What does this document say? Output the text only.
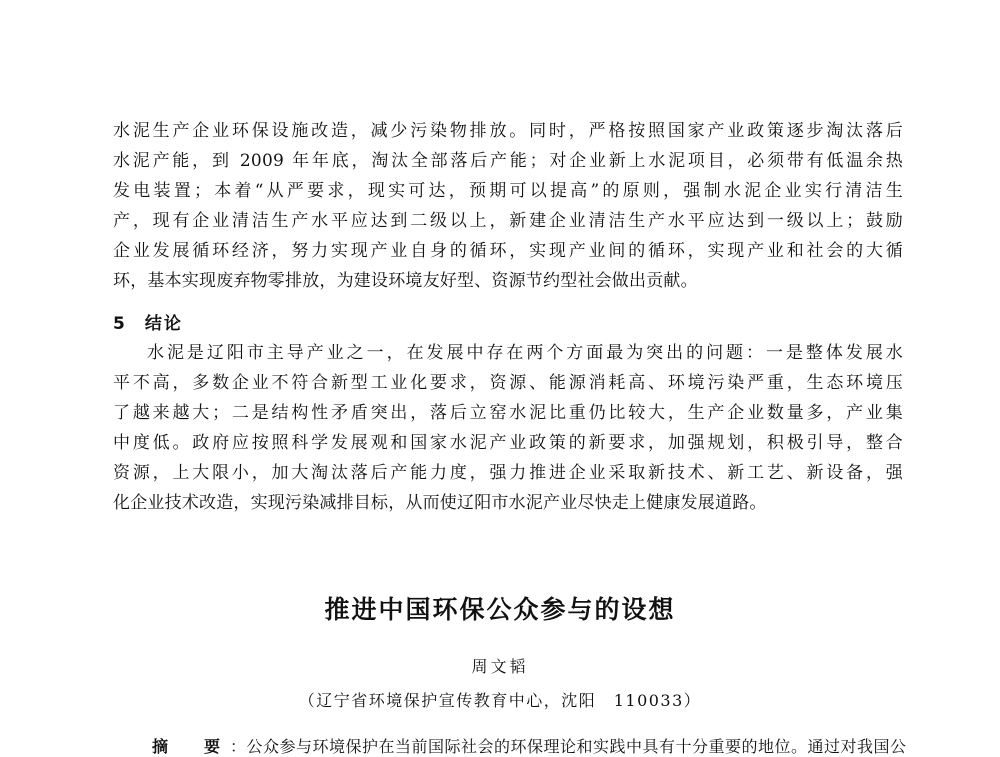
水泥生产企业环保设施改造，减少污染物排放。同时，严格按照国家产业政策逐步淘汰落后
水泥产能，到 2009 年年底，淘汰全部落后产能；对企业新上水泥项目，必须带有低温余热
发电装置；本着“从严要求，现实可达，预期可以提高”的原则，强制水泥企业实行清洁生
产，现有企业清洁生产水平应达到二级以上，新建企业清洁生产水平应达到一级以上；鼓励
企业发展循环经济，努力实现产业自身的循环，实现产业间的循环，实现产业和社会的大循
环，基本实现废弃物零排放，为建设环境友好型、资源节约型社会做出贡献。
5 结论
水泥是辽阳市主导产业之一，在发展中存在两个方面最为突出的问题：一是整体发展水
平不高，多数企业不符合新型工业化要求，资源、能源消耗高、环境污染严重，生态环境压
了越来越大；二是结构性矛盾突出，落后立窑水泥比重仍比较大，生产企业数量多，产业集
中度低。政府应按照科学发展观和国家水泥产业政策的新要求，加强规划，积极引导，整合
资源，上大限小，加大淘汰落后产能力度，强力推进企业采取新技术、新工艺、新设备，强
化企业技术改造，实现污染减排目标，从而使辽阳市水泥产业尽快走上健康发展道路。
推进中国环保公众参与的设想
周文韬
（辽宁省环境保护宣传教育中心，沈阳　110033）
摘　要：公众参与环境保护在当前国际社会的环保理论和实践中具有十分重要的地位。通过对我国公
